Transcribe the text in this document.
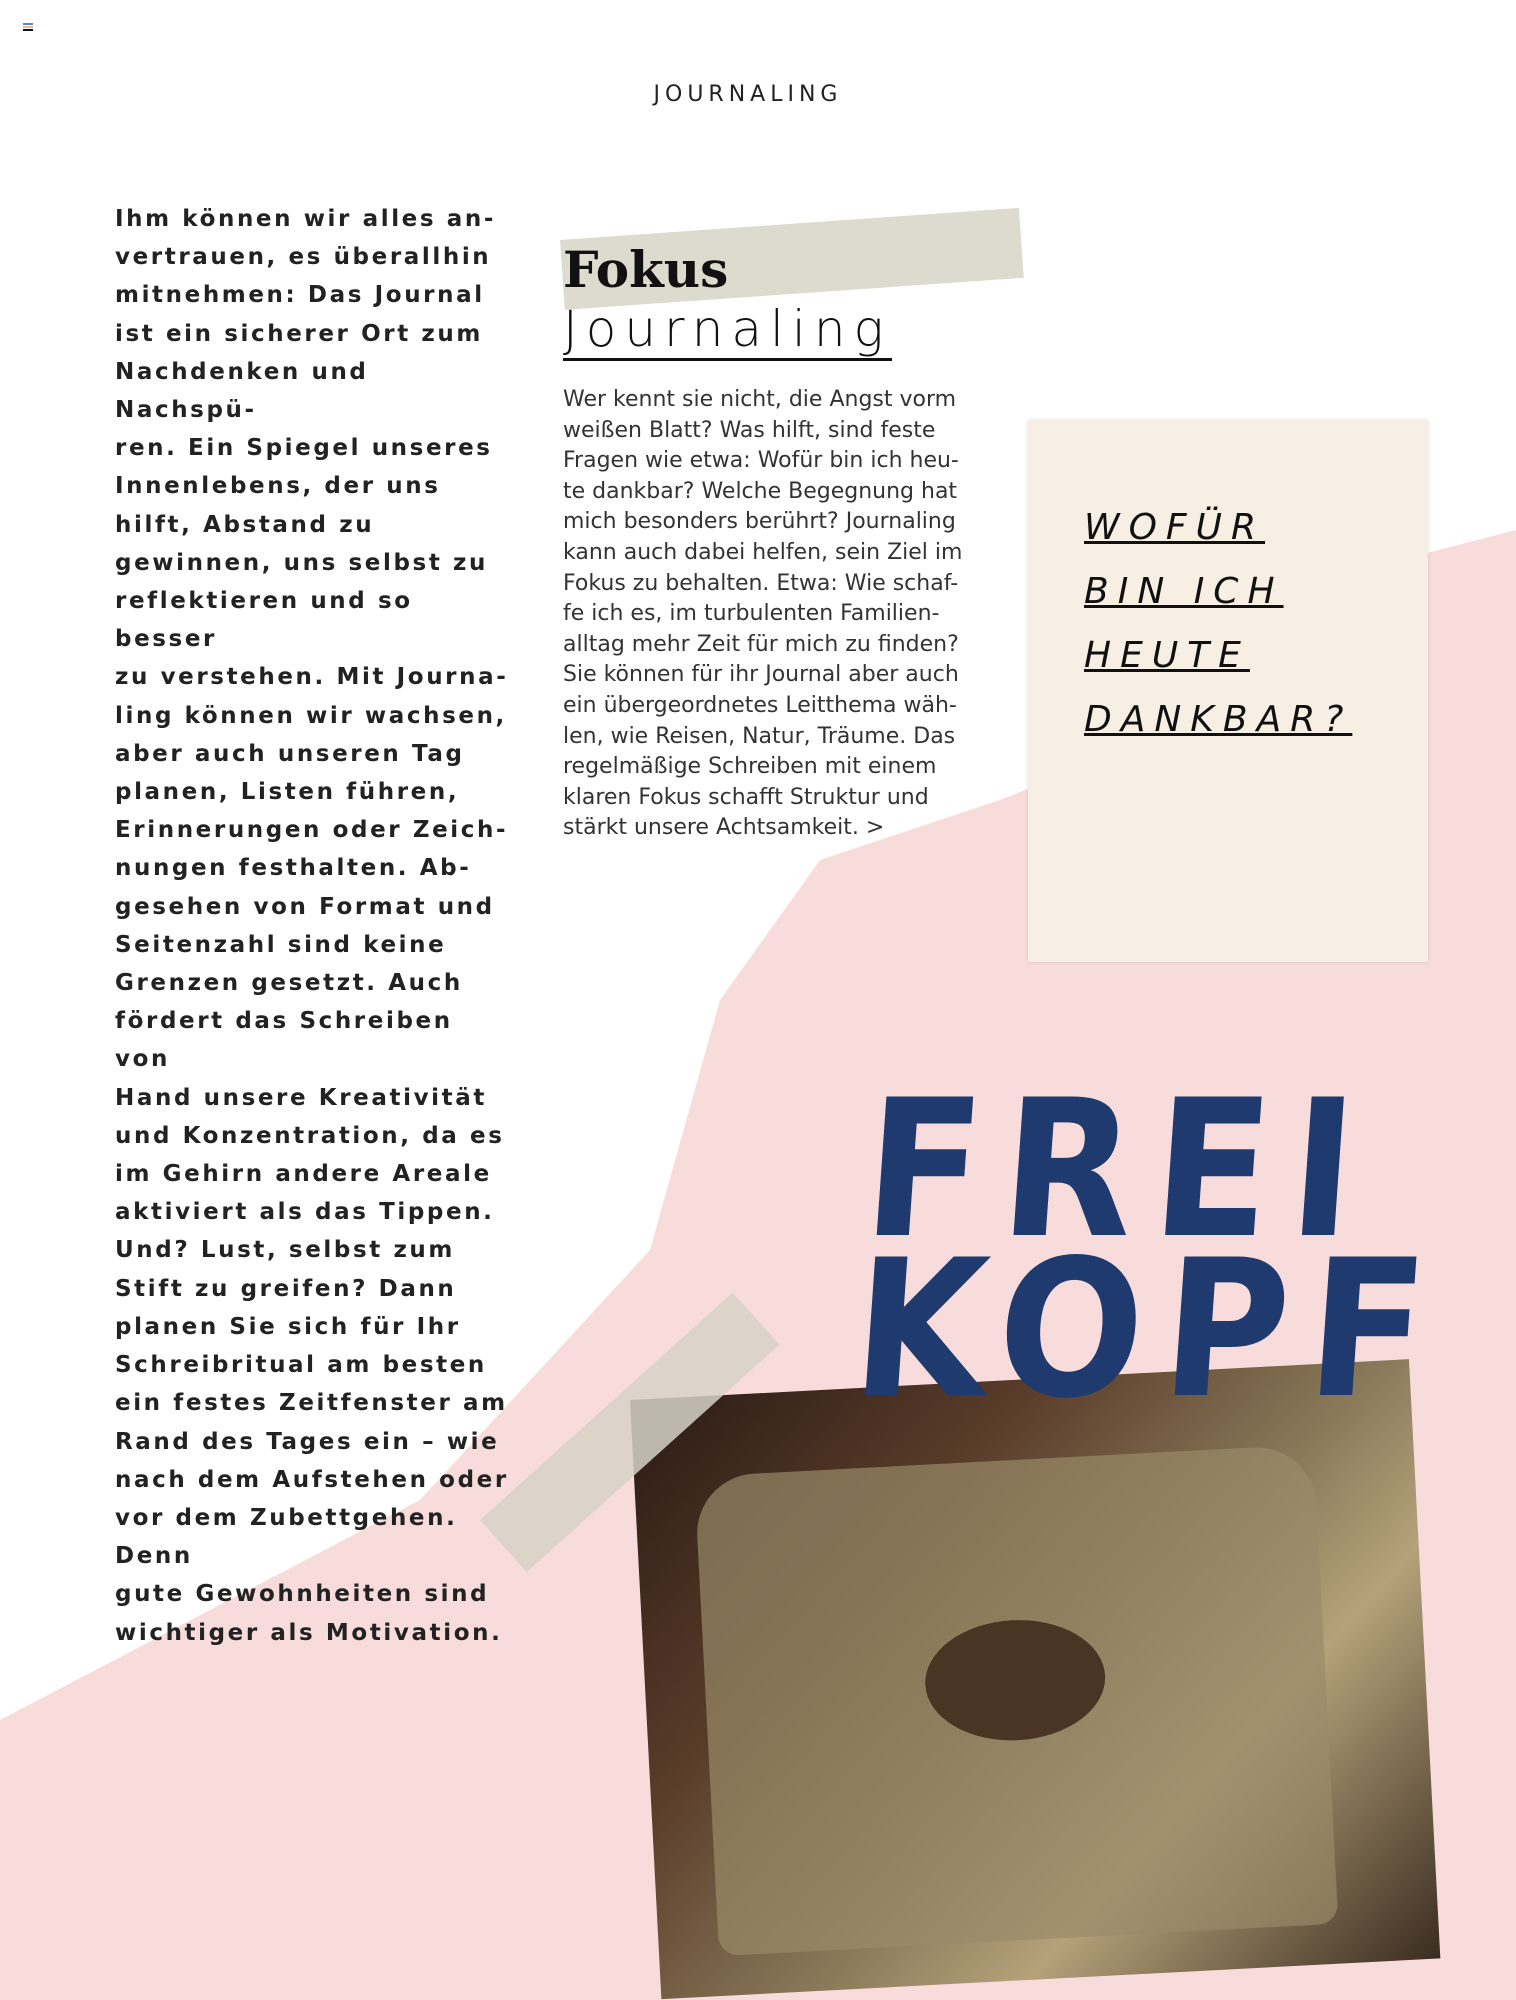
JOURNALING
Ihm können wir alles an-
vertrauen, es überallhin
mitnehmen: Das Journal
ist ein sicherer Ort zum
Nachdenken und Nachspü-
ren. Ein Spiegel unseres
Innenlebens, der uns
hilft, Abstand zu
gewinnen, uns selbst zu
reflektieren und so besser
zu verstehen. Mit Journa-
ling können wir wachsen,
aber auch unseren Tag
planen, Listen führen,
Erinnerungen oder Zeich-
nungen festhalten. Ab-
gesehen von Format und
Seitenzahl sind keine
Grenzen gesetzt. Auch
fördert das Schreiben von
Hand unsere Kreativität
und Konzentration, da es
im Gehirn andere Areale
aktiviert als das Tippen.
Und? Lust, selbst zum
Stift zu greifen? Dann
planen Sie sich für Ihr
Schreibritual am besten
ein festes Zeitfenster am
Rand des Tages ein – wie
nach dem Aufstehen oder
vor dem Zubettgehen. Denn
gute Gewohnheiten sind
wichtiger als Motivation.
Fokus
Journaling
Wer kennt sie nicht, die Angst vorm
weißen Blatt? Was hilft, sind feste
Fragen wie etwa: Wofür bin ich heu-
te dankbar? Welche Begegnung hat
mich besonders berührt? Journaling
kann auch dabei helfen, sein Ziel im
Fokus zu behalten. Etwa: Wie schaf-
fe ich es, im turbulenten Familien-
alltag mehr Zeit für mich zu finden?
Sie können für ihr Journal aber auch
ein übergeordnetes Leitthema wäh-
len, wie Reisen, Natur, Träume. Das
regelmäßige Schreiben mit einem
klaren Fokus schafft Struktur und
stärkt unsere Achtsamkeit. >
WOFÜR
BIN ICH
HEUTE
DANKBAR?
FREI
KOPF
